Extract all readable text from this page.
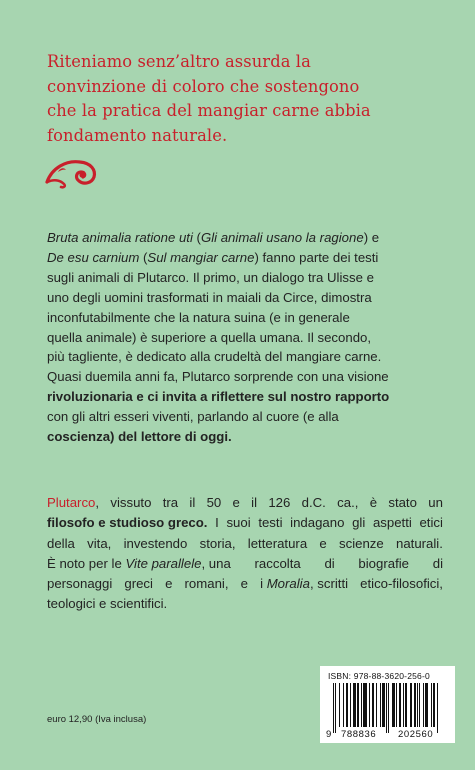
Riteniamo senz’altro assurda la
convinzione di coloro che sostengono
che la pratica del mangiar carne abbia
fondamento naturale.
Bruta animalia ratione uti (Gli animali usano la ragione) e
De esu carnium (Sul mangiar carne) fanno parte dei testi
sugli animali di Plutarco. Il primo, un dialogo tra Ulisse e
uno degli uomini trasformati in maiali da Circe, dimostra
inconfutabilmente che la natura suina (e in generale
quella animale) è superiore a quella umana. Il secondo,
più tagliente, è dedicato alla crudeltà del mangiare carne.
Quasi duemila anni fa, Plutarco sorprende con una visione
rivoluzionaria e ci invita a riflettere sul nostro rapporto
con gli altri esseri viventi, parlando al cuore (e alla
coscienza) del lettore di oggi.
Plutarco, vissuto tra il 50 e il 126 d.C. ca., è stato un
filosofo e studioso greco. I suoi testi indagano gli aspetti etici
della vita, investendo storia, letteratura e scienze naturali.
È noto per le Vite parallele, una raccolta di biografie di
personaggi greci e romani, e i Moralia, scritti etico-filosofici,
teologici e scientifici.
ISBN: 978-88-3620-256-0
9 788836 202560
euro 12,90 (Iva inclusa)
